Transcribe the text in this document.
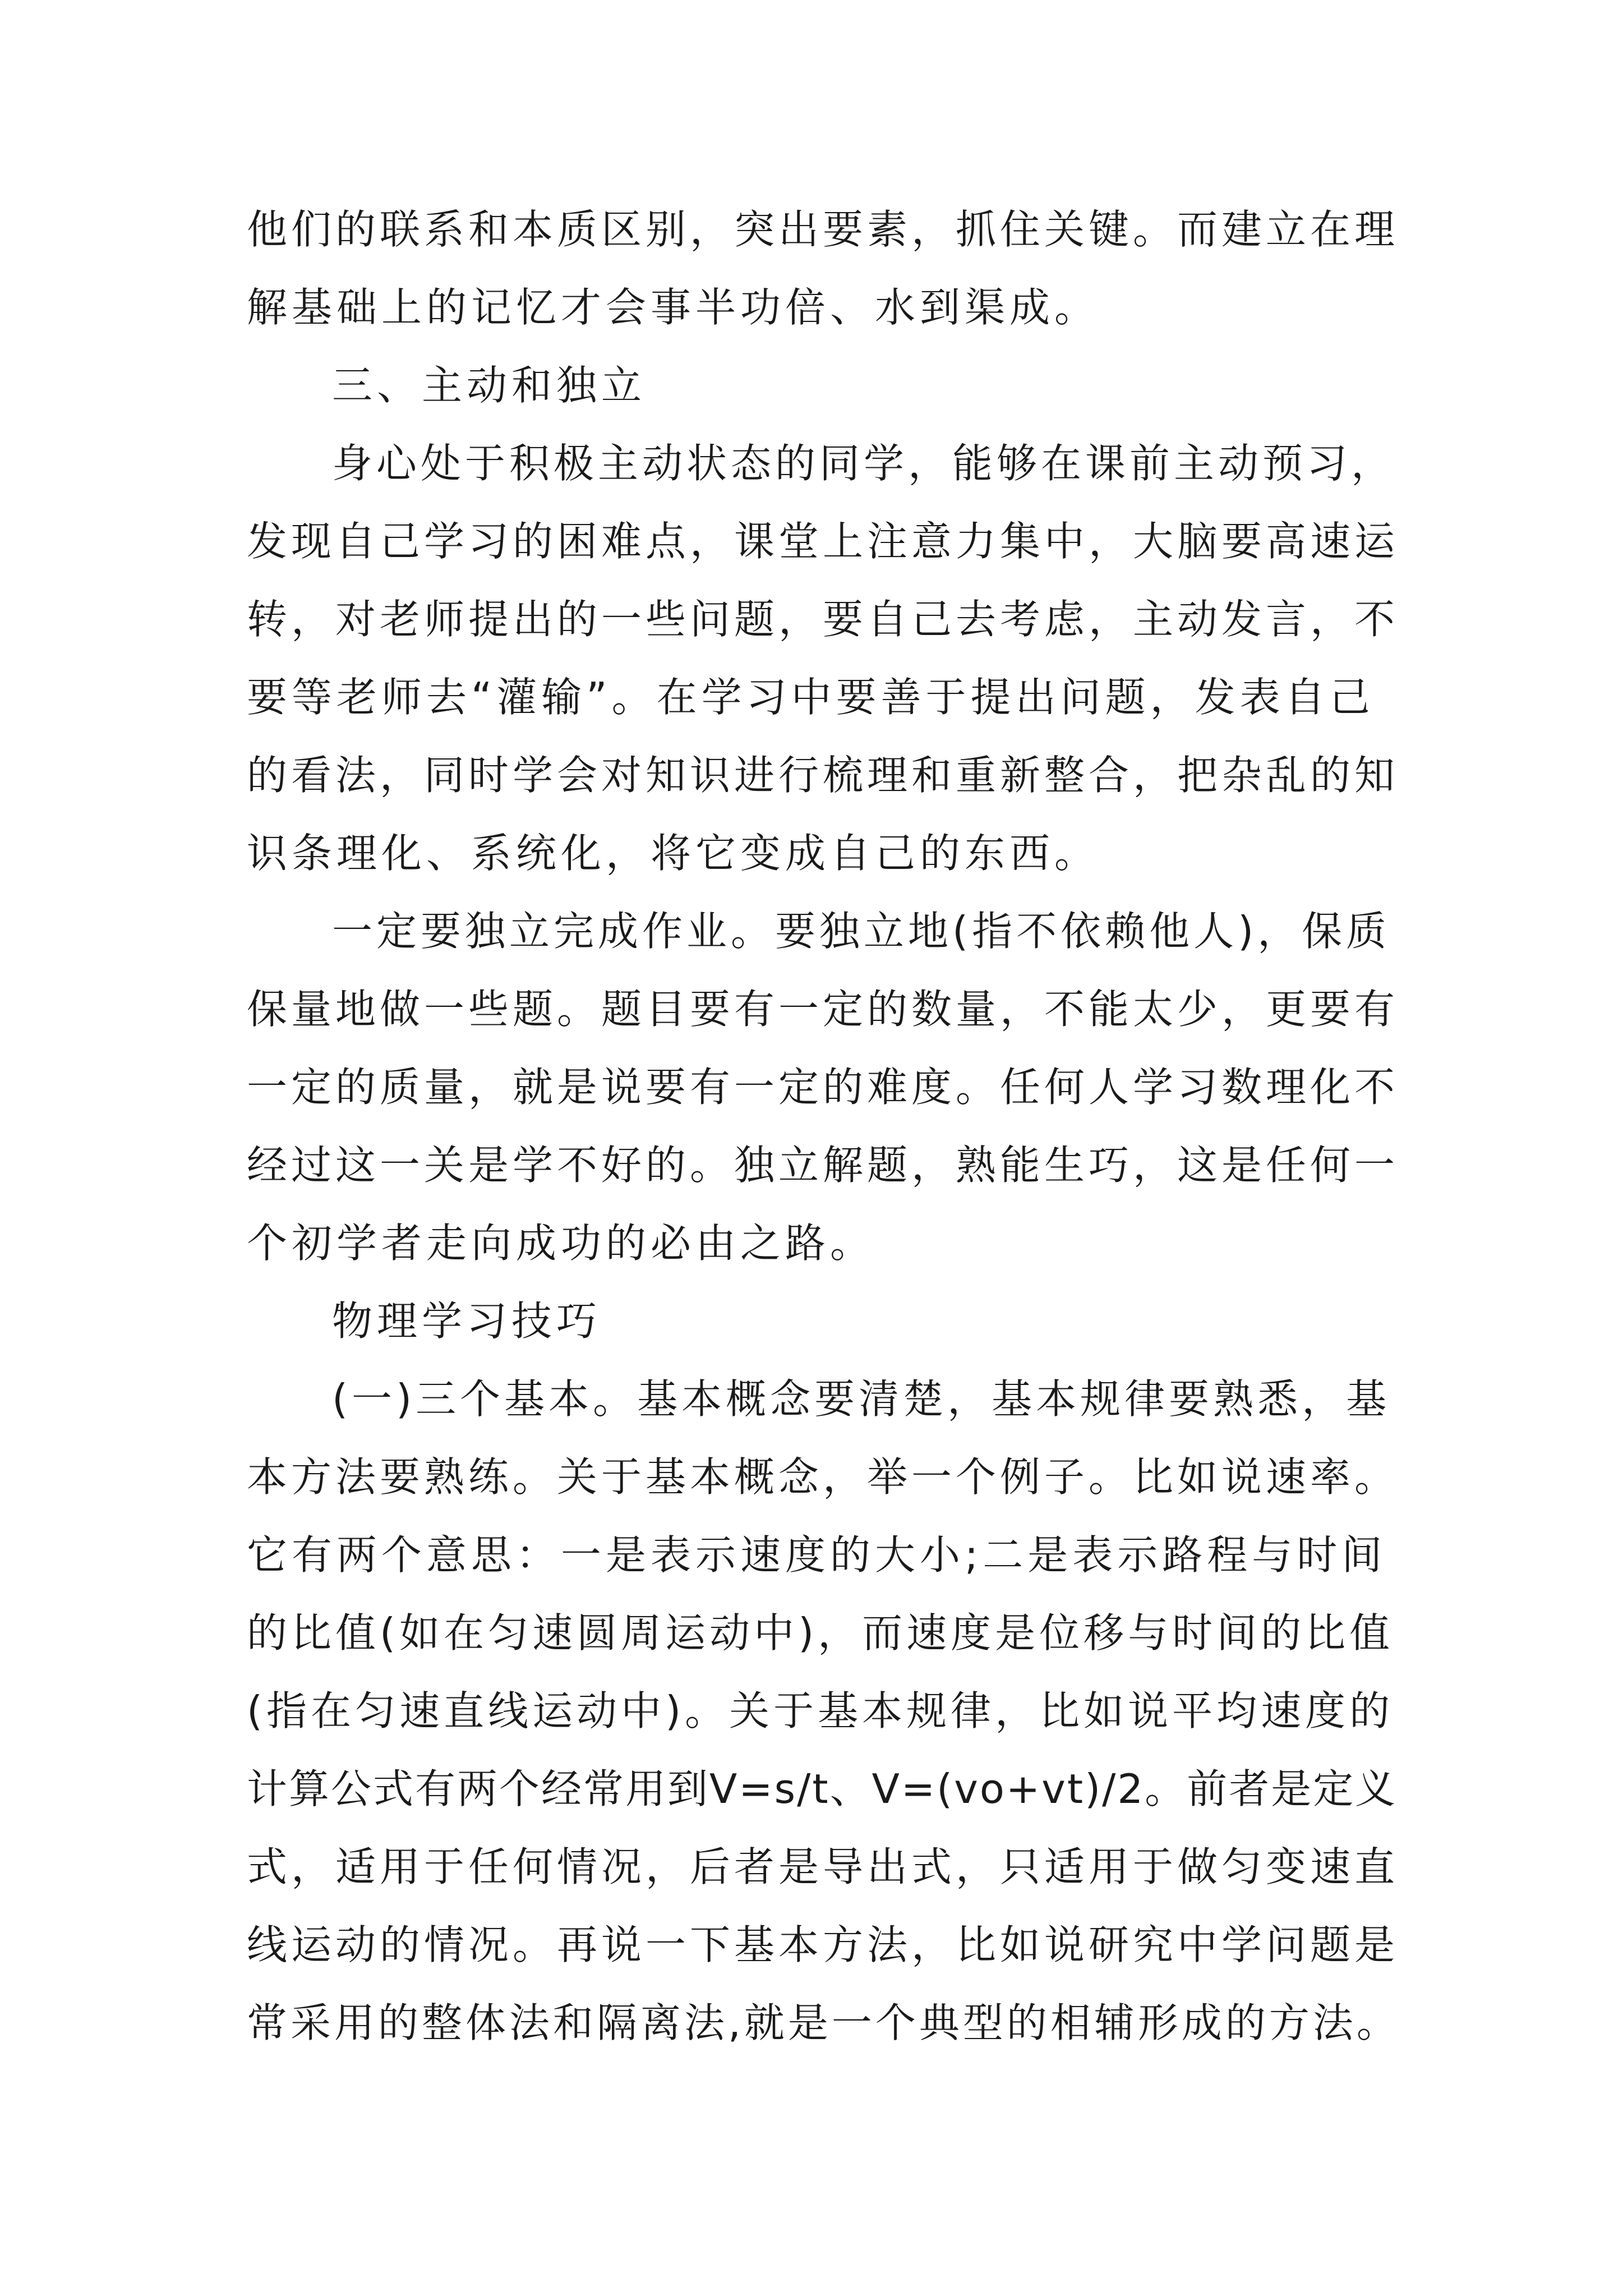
他们的联系和本质区别，突出要素，抓住关键。而建立在理
解基础上的记忆才会事半功倍、水到渠成。
三、主动和独立
身心处于积极主动状态的同学，能够在课前主动预习，
发现自己学习的困难点，课堂上注意力集中，大脑要高速运
转，对老师提出的一些问题，要自己去考虑，主动发言，不
要等老师去“灌输”。在学习中要善于提出问题，发表自己
的看法，同时学会对知识进行梳理和重新整合，把杂乱的知
识条理化、系统化，将它变成自己的东西。
一定要独立完成作业。要独立地(指不依赖他人)，保质
保量地做一些题。题目要有一定的数量，不能太少，更要有
一定的质量，就是说要有一定的难度。任何人学习数理化不
经过这一关是学不好的。独立解题，熟能生巧，这是任何一
个初学者走向成功的必由之路。
物理学习技巧
(一)三个基本。基本概念要清楚，基本规律要熟悉，基
本方法要熟练。关于基本概念，举一个例子。比如说速率。
它有两个意思：一是表示速度的大小;二是表示路程与时间
的比值(如在匀速圆周运动中)，而速度是位移与时间的比值
(指在匀速直线运动中)。关于基本规律，比如说平均速度的
计算公式有两个经常用到V=s/t、V=(vo+vt)/2。前者是定义
式，适用于任何情况，后者是导出式，只适用于做匀变速直
线运动的情况。再说一下基本方法，比如说研究中学问题是
常采用的整体法和隔离法,就是一个典型的相辅形成的方法。
